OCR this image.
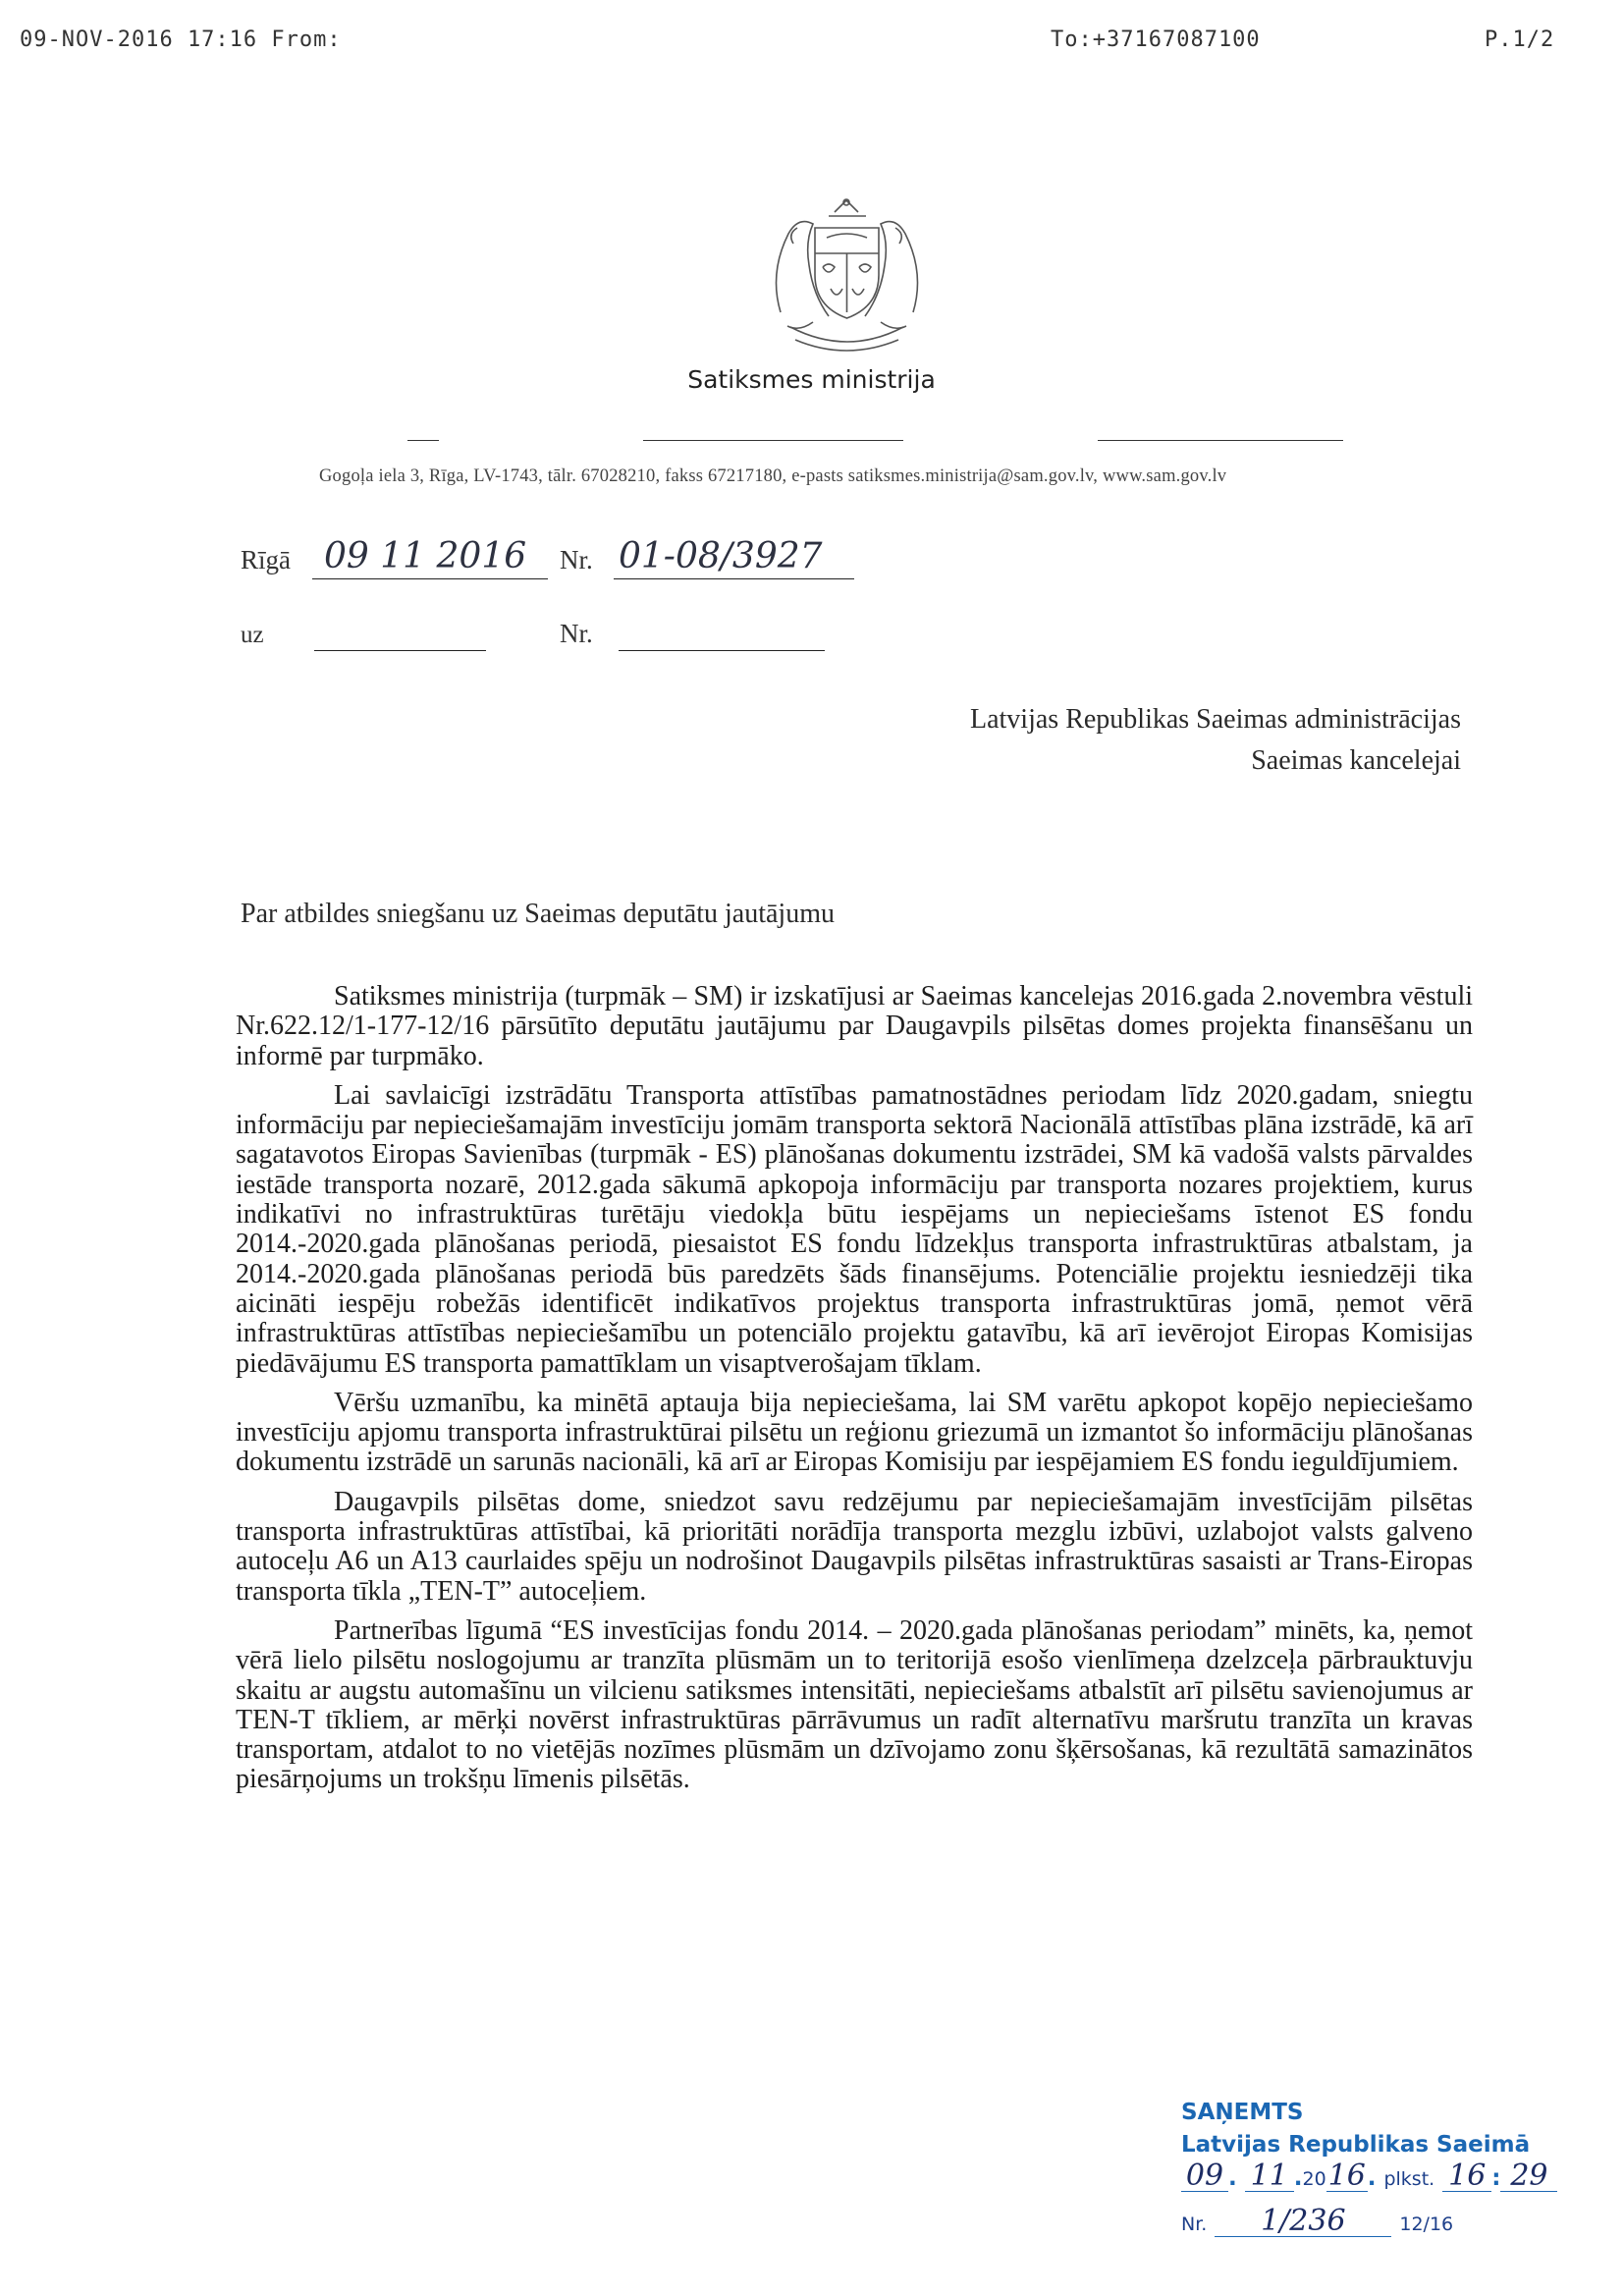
09-NOV-2016 17:16 From:	To:+37167087100	P.1/2
Satiksmes ministrija
Gogoļa iela 3, Rīga, LV-1743, tālr. 67028210, fakss 67217180, e-pasts satiksmes.ministrija@sam.gov.lv, www.sam.gov.lv
Rīgā 09 11 2016 Nr. 01-08/3927
uz	Nr.
Latvijas Republikas Saeimas administrācijas
Saeimas kancelejai
Par atbildes sniegšanu uz Saeimas deputātu jautājumu

Satiksmes ministrija (turpmāk – SM) ir izskatījusi ar Saeimas kancelejas 2016.gada 2.novembra vēstuli Nr.622.12/1-177-12/16 pārsūtīto deputātu jautājumu par Daugavpils pilsētas domes projekta finansēšanu un informē par turpmāko.

Lai savlaicīgi izstrādātu Transporta attīstības pamatnostādnes periodam līdz 2020.gadam, sniegtu informāciju par nepieciešamajām investīciju jomām transporta sektorā Nacionālā attīstības plāna izstrādē, kā arī sagatavotos Eiropas Savienības (turpmāk - ES) plānošanas dokumentu izstrādei, SM kā vadošā valsts pārvaldes iestāde transporta nozarē, 2012.gada sākumā apkopoja informāciju par transporta nozares projektiem, kurus indikatīvi no infrastruktūras turētāju viedokļa būtu iespējams un nepieciešams īstenot ES fondu 2014.-2020.gada plānošanas periodā, piesaistot ES fondu līdzekļus transporta infrastruktūras atbalstam, ja 2014.-2020.gada plānošanas periodā būs paredzēts šāds finansējums. Potenciālie projektu iesniedzēji tika aicināti iespēju robežās identificēt indikatīvos projektus transporta infrastruktūras jomā, ņemot vērā infrastruktūras attīstības nepieciešamību un potenciālo projektu gatavību, kā arī ievērojot Eiropas Komisijas piedāvājumu ES transporta pamattīklam un visaptverošajam tīklam.

Vēršu uzmanību, ka minētā aptauja bija nepieciešama, lai SM varētu apkopot kopējo nepieciešamo investīciju apjomu transporta infrastruktūrai pilsētu un reģionu griezumā un izmantot šo informāciju plānošanas dokumentu izstrādē un sarunās nacionāli, kā arī ar Eiropas Komisiju par iespējamiem ES fondu ieguldījumiem.

Daugavpils pilsētas dome, sniedzot savu redzējumu par nepieciešamajām investīcijām pilsētas transporta infrastruktūras attīstībai, kā prioritāti norādīja transporta mezglu izbūvi, uzlabojot valsts galveno autoceļu A6 un A13 caurlaides spēju un nodrošinot Daugavpils pilsētas infrastruktūras sasaisti ar Trans-Eiropas transporta tīkla „TEN-T” autoceļiem.

Partnerības līgumā “ES investīcijas fondu 2014. – 2020.gada plānošanas periodam” minēts, ka, ņemot vērā lielo pilsētu noslogojumu ar tranzīta plūsmām un to teritorijā esošo vienlīmeņa dzelzceļa pārbrauktuvju skaitu ar augstu automašīnu un vilcienu satiksmes intensitāti, nepieciešams atbalstīt arī pilsētu savienojumus ar TEN-T tīkliem, ar mērķi novērst infrastruktūras pārrāvumus un radīt alternatīvu maršrutu tranzīta un kravas transportam, atdalot to no vietējās nozīmes plūsmām un dzīvojamo zonu šķērsošanas, kā rezultātā samazinātos piesārņojums un trokšņu līmenis pilsētās.

SAŅEMTS
Latvijas Republikas Saeimā
09 . 11 .2016. plkst. 16 : 29
Nr. 1/236	12/16
